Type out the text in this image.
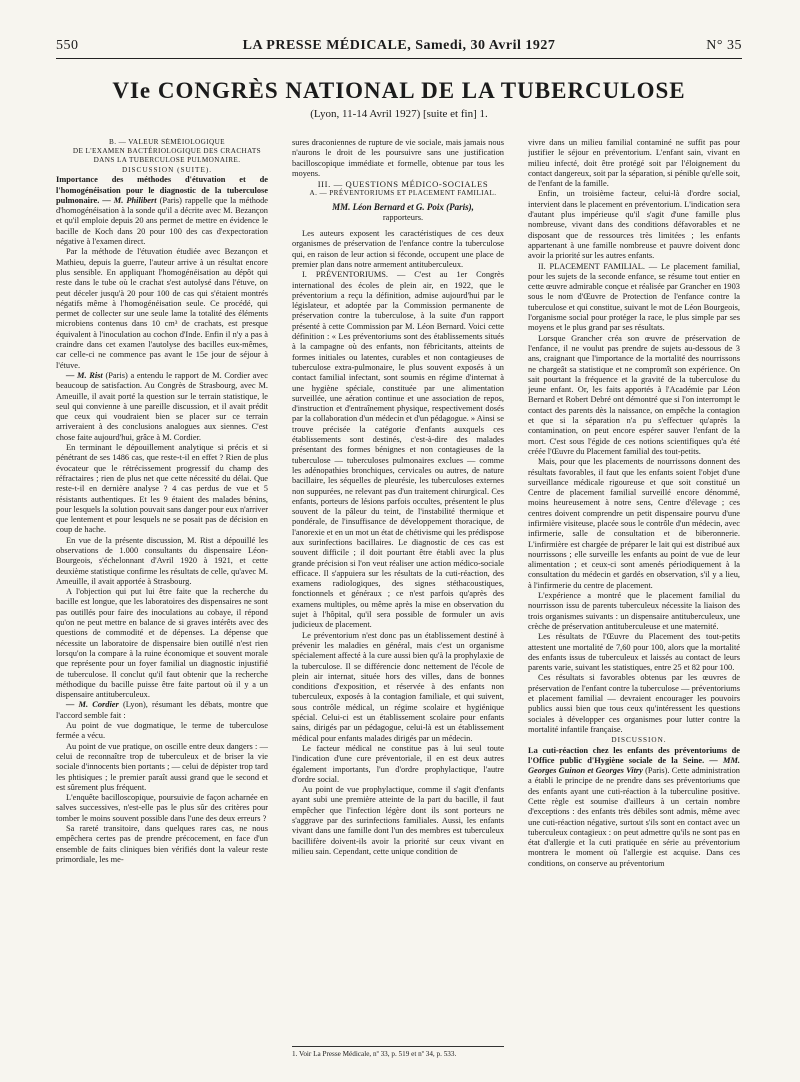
550	LA PRESSE MÉDICALE, Samedi, 30 Avril 1927	N° 35
VIe CONGRÈS NATIONAL DE LA TUBERCULOSE

(Lyon, 11-14 Avril 1927) [suite et fin] 1.

B. — VALEUR SÉMÉIOLOGIQUE

DE L'EXAMEN BACTÉRIOLOGIQUE DES CRACHATS

DANS LA TUBERCULOSE PULMONAIRE.

DISCUSSION (SUITE).

Importance des méthodes d'étuvation et de l'homogénéisation pour le diagnostic de la tuberculose pulmonaire. — M. Philibert (Paris) rappelle que la méthode d'homogénéisation à la sonde qu'il a décrite avec M. Bezançon et qu'il emploie depuis 20 ans permet de mettre en évidence le bacille de Koch dans 20 pour 100 des cas d'expectoration négative à l'examen direct.

Par la méthode de l'étuvation étudiée avec Bezançon et Mathieu, depuis la guerre, l'auteur arrive à un résultat encore plus sensible. En appliquant l'homogénéisation au dépôt qui reste dans le tube où le crachat s'est autolysé dans l'étuve, on peut déceler jusqu'à 20 pour 100 de cas qui s'étaient montrés négatifs même à l'homogénéisation seule. Ce procédé, qui permet de collecter sur une seule lame la totalité des éléments microbiens contenus dans 10 cm³ de crachats, est presque équivalent à l'inoculation au cochon d'Inde. Enfin il n'y a pas à craindre dans cet examen l'autolyse des bacilles eux-mêmes, car celle-ci ne commence pas avant le 15e jour de séjour à l'étuve.

— M. Rist (Paris) a entendu le rapport de M. Cordier avec beaucoup de satisfaction. Au Congrès de Strasbourg, avec M. Ameuille, il avait porté la question sur le terrain statistique, le seul qui convienne à une pareille discussion, et il avait prédit que ceux qui voudraient bien se placer sur ce terrain arriveraient à des conclusions analogues aux siennes. C'est chose faite aujourd'hui, grâce à M. Cordier.

En terminant le dépouillement analytique si précis et si pénétrant de ses 1486 cas, que reste-t-il en effet ? Rien de plus évocateur que le rétrécissement progressif du champ des réfractaires ; rien de plus net que cette nécessité du délai. Que reste-t-il en dernière analyse ? 4 cas perdus de vue et 5 résistants authentiques. Et les 9 étaient des malades bénins, pour lesquels la solution pouvait sans danger pour eux n'arriver que lentement et pour lesquels ne se posait pas de décision en coup de hache.

En vue de la présente discussion, M. Rist a dépouillé les observations de 1.000 consultants du dispensaire Léon-Bourgeois, s'échelonnant d'Avril 1920 à 1921, et cette deuxième statistique confirme les résultats de celle, qu'avec M. Ameuille, il avait apportée à Strasbourg.

A l'objection qui put lui être faite que la recherche du bacille est longue, que les laboratoires des dispensaires ne sont pas outillés pour faire des inoculations au cobaye, il répond qu'on ne peut mettre en balance de si graves intérêts avec des questions de commodité et de dépenses. La dépense que nécessite un laboratoire de dispensaire bien outillé n'est rien lorsqu'on la compare à la ruine économique et souvent morale que représente pour un foyer familial un diagnostic injustifié de tuberculose. Il conclut qu'il faut obtenir que la recherche méthodique du bacille puisse être faite partout où il y a un dispensaire antituberculeux.

— M. Cordier (Lyon), résumant les débats, montre que l'accord semble fait :

Au point de vue dogmatique, le terme de tuberculose fermée a vécu.

Au point de vue pratique, on oscille entre deux dangers : — celui de reconnaître trop de tuberculeux et de briser la vie sociale d'innocents bien portants ; — celui de dépister trop tard les phtisiques ; le premier paraît aussi grand que le second et est sûrement plus fréquent.

L'enquête bacilloscopique, poursuivie de façon acharnée en salves successives, n'est-elle pas le plus sûr des critères pour tomber le moins souvent possible dans l'une des deux erreurs ?

Sa rareté transitoire, dans quelques rares cas, ne nous empêchera certes pas de prendre précocement, en face d'un ensemble de faits cliniques bien vérifiés dont la valeur reste primordiale, les me-

sures draconiennes de rupture de vie sociale, mais jamais nous n'aurons le droit de les poursuivre sans une justification bacilloscopique immédiate et formelle, obtenue par tous les moyens.

III. — QUESTIONS MÉDICO-SOCIALES

A. — PRÉVENTORIUMS ET PLACEMENT FAMILIAL.

MM. Léon Bernard et G. Poix (Paris),

rapporteurs.

Les auteurs exposent les caractéristiques de ces deux organismes de préservation de l'enfance contre la tuberculose qui, en raison de leur action si féconde, occupent une place de premier plan dans notre armement antituberculeux.

I. PRÉVENTORIUMS. — C'est au 1er Congrès international des écoles de plein air, en 1922, que le préventorium a reçu la définition, admise aujourd'hui par le législateur, et adoptée par la Commission permanente de préservation contre la tuberculose, à la suite d'un rapport présenté à cette Commission par M. Léon Bernard. Voici cette définition : « Les préventoriums sont des établissements situés à la campagne où des enfants, non fébricitants, atteints de formes initiales ou latentes, curables et non contagieuses de tuberculose extra-pulmonaire, le plus souvent exposés à un contact familial infectant, sont soumis en régime d'internat à une hygiène spéciale, constituée par une alimentation surveillée, une aération continue et une association de repos, d'instruction et d'entraînement physique, respectivement dosés par la collaboration d'un médecin et d'un pédagogue. » Ainsi se trouve précisée la catégorie d'enfants auxquels ces établissements sont destinés, c'est-à-dire des malades présentant des formes bénignes et non contagieuses de la tuberculose — tuberculoses pulmonaires exclues — comme les adénopathies bronchiques, cervicales ou autres, de nature bacillaire, les séquelles de pleurésie, les tuberculoses externes non suppurées, ne relevant pas d'un traitement chirurgical. Ces enfants, porteurs de lésions parfois occultes, présentent le plus souvent de la pâleur du teint, de l'instabilité thermique et pondérale, de l'insuffisance de développement thoracique, de l'anorexie et en un mot un état de chétivisme qui les prédispose aux surinfections bacillaires. Le diagnostic de ces cas est souvent difficile ; il doit pourtant être établi avec la plus grande précision si l'on veut réaliser une action médico-sociale efficace. Il s'appuiera sur les résultats de la cuti-réaction, des examens radiologiques, des signes stéthacoustiques, fonctionnels et généraux ; ce n'est parfois qu'après des examens multiples, ou même après la mise en observation du sujet à l'hôpital, qu'il sera possible de formuler un avis judicieux de placement.

Le préventorium n'est donc pas un établissement destiné à prévenir les maladies en général, mais c'est un organisme spécialement affecté à la cure aussi bien qu'à la prophylaxie de la tuberculose. Il se différencie donc nettement de l'école de plein air internat, située hors des villes, dans de bonnes conditions d'exposition, et réservée à des enfants non tuberculeux, exposés à la contagion familiale, et qui suivent, sous contrôle médical, un régime scolaire et hygiénique spécial. Celui-ci est un établissement scolaire pour enfants sains, dirigés par un pédagogue, celui-là est un établissement médical pour enfants malades dirigés par un médecin.

Le facteur médical ne constitue pas à lui seul toute l'indication d'une cure préventoriale, il en est deux autres également importants, l'un d'ordre prophylactique, l'autre d'ordre social.

Au point de vue prophylactique, comme il s'agit d'enfants ayant subi une première atteinte de la part du bacille, il faut empêcher que l'infection légère dont ils sont porteurs ne s'aggrave par des surinfections familiales. Aussi, les enfants vivant dans une famille dont l'un des membres est tuberculeux bacillifère doivent-ils avoir la priorité sur ceux vivant en milieu sain. Cependant, cette unique condition de

1. Voir La Presse Médicale, nº 33, p. 519 et nº 34, p. 533.

vivre dans un milieu familial contaminé ne suffit pas pour justifier le séjour en préventorium. L'enfant sain, vivant en milieu infecté, doit être protégé soit par l'éloignement du contact dangereux, soit par la séparation, si pénible qu'elle soit, de l'enfant de la famille.

Enfin, un troisième facteur, celui-là d'ordre social, intervient dans le placement en préventorium. L'indication sera d'autant plus impérieuse qu'il s'agit d'une famille plus nombreuse, vivant dans des conditions défavorables et ne disposant que de ressources très limitées ; les enfants appartenant à une famille nombreuse et pauvre doivent donc avoir la priorité sur les autres enfants.

II. PLACEMENT FAMILIAL. — Le placement familial, pour les sujets de la seconde enfance, se résume tout entier en cette œuvre admirable conçue et réalisée par Grancher en 1903 sous le nom d'Œuvre de Protection de l'enfance contre la tuberculose et qui constitue, suivant le mot de Léon Bourgeois, l'organisme social pour protéger la race, le plus simple par ses moyens et le plus grand par ses résultats.

Lorsque Grancher créa son œuvre de préservation de l'enfance, il ne voulut pas prendre de sujets au-dessous de 3 ans, craignant que l'importance de la mortalité des nourrissons ne chargeât sa statistique et ne compromît son expérience. On sait pourtant la fréquence et la gravité de la tuberculose du jeune enfant. Or, les faits apportés à l'Académie par Léon Bernard et Robert Debré ont démontré que si l'on interrompt le contact des parents dès la naissance, on empêche la contagion et que si la séparation n'a pu s'effectuer qu'après la contamination, on peut encore espérer sauver l'enfant de la mort. C'est sous l'égide de ces notions scientifiques qu'a été créée l'Œuvre du Placement familial des tout-petits.

Mais, pour que les placements de nourrissons donnent des résultats favorables, il faut que les enfants soient l'objet d'une surveillance médicale rigoureuse et que soit constitué un Centre de placement familial surveillé encore dénommé, moins heureusement à notre sens, Centre d'élevage ; ces centres doivent comprendre un petit dispensaire pourvu d'une infirmière visiteuse, placée sous le contrôle d'un médecin, avec infirmerie, salle de consultation et de biberonnerie. L'infirmière est chargée de préparer le lait qui est distribué aux nourrissons ; elle surveille les enfants au point de vue de leur alimentation ; et ceux-ci sont amenés périodiquement à la consultation du médecin et gardés en observation, s'il y a lieu, à l'infirmerie du centre de placement.

L'expérience a montré que le placement familial du nourrisson issu de parents tuberculeux nécessite la liaison des trois organismes suivants : un dispensaire antituberculeux, une crèche de préservation antituberculeuse et une maternité.

Les résultats de l'Œuvre du Placement des tout-petits attestent une mortalité de 7,60 pour 100, alors que la mortalité des enfants issus de tuberculeux et laissés au contact de leurs parents varie, suivant les statistiques, entre 25 et 82 pour 100.

Ces résultats si favorables obtenus par les œuvres de préservation de l'enfant contre la tuberculose — préventoriums et placement familial — devraient encourager les pouvoirs publics aussi bien que tous ceux qu'intéressent les questions sociales à développer ces organismes pour lutter contre la mortalité infantile française.

DISCUSSION.

La cuti-réaction chez les enfants des préventoriums de l'Office public d'Hygiène sociale de la Seine. — MM. Georges Guinon et Georges Vitry (Paris). Cette administration a établi le principe de ne prendre dans ses préventoriums que des enfants ayant une cuti-réaction à la tuberculine positive. Cette règle est soumise d'ailleurs à un certain nombre d'exceptions : des enfants très débiles sont admis, même avec une cuti-réaction négative, surtout s'ils sont en contact avec un tuberculeux contagieux : on peut admettre qu'ils ne sont pas en état d'allergie et la cuti pratiquée en série au préventorium montrera le moment où l'allergie est acquise. Dans ces conditions, on conserve au préventorium
